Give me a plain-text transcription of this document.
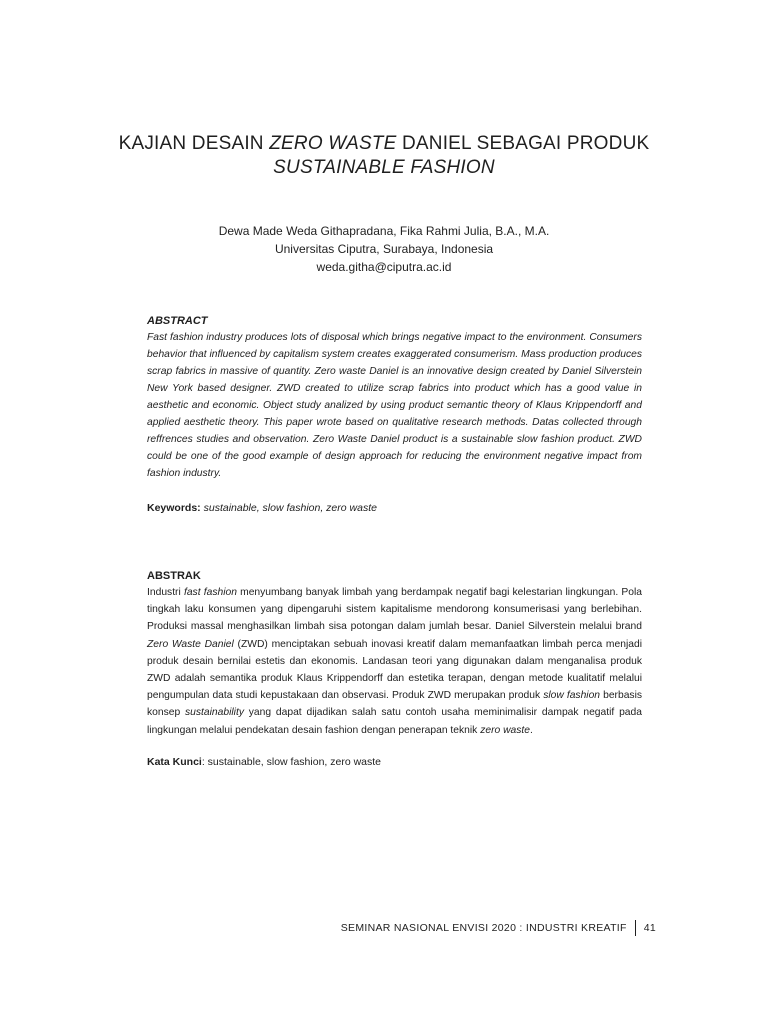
KAJIAN DESAIN ZERO WASTE DANIEL SEBAGAI PRODUK
SUSTAINABLE FASHION
Dewa Made Weda Githapradana, Fika Rahmi Julia, B.A., M.A.
Universitas Ciputra, Surabaya, Indonesia
weda.githa@ciputra.ac.id

ABSTRACT

Fast fashion industry produces lots of disposal which brings negative impact to the environment. Consumers behavior that influenced by capitalism system creates exaggerated consumerism. Mass production produces scrap fabrics in massive of quantity. Zero waste Daniel is an innovative design created by Daniel Silverstein New York based designer. ZWD created to utilize scrap fabrics into product which has a good value in aesthetic and economic. Object study analized by using product semantic theory of Klaus Krippendorff and applied aesthetic theory. This paper wrote based on qualitative research methods. Datas collected through reffrences studies and observation. Zero Waste Daniel product is a sustainable slow fashion product. ZWD could be one of the good example of design approach for reducing the environment negative impact from fashion industry.

Keywords: sustainable, slow fashion, zero waste

ABSTRAK

Industri fast fashion menyumbang banyak limbah yang berdampak negatif bagi kelestarian lingkungan. Pola tingkah laku konsumen yang dipengaruhi sistem kapitalisme mendorong konsumerisasi yang berlebihan. Produksi massal menghasilkan limbah sisa potongan dalam jumlah besar. Daniel Silverstein melalui brand Zero Waste Daniel (ZWD) menciptakan sebuah inovasi kreatif dalam memanfaatkan limbah perca menjadi produk desain bernilai estetis dan ekonomis. Landasan teori yang digunakan dalam menganalisa produk ZWD adalah semantika produk Klaus Krippendorff dan estetika terapan, dengan metode kualitatif melalui pengumpulan data studi kepustakaan dan observasi. Produk ZWD merupakan produk slow fashion berbasis konsep sustainability yang dapat dijadikan salah satu contoh usaha meminimalisir dampak negatif pada lingkungan melalui pendekatan desain fashion dengan penerapan teknik zero waste.

Kata Kunci: sustainable, slow fashion, zero waste
SEMINAR NASIONAL ENVISI 2020 : INDUSTRI KREATIF 41
